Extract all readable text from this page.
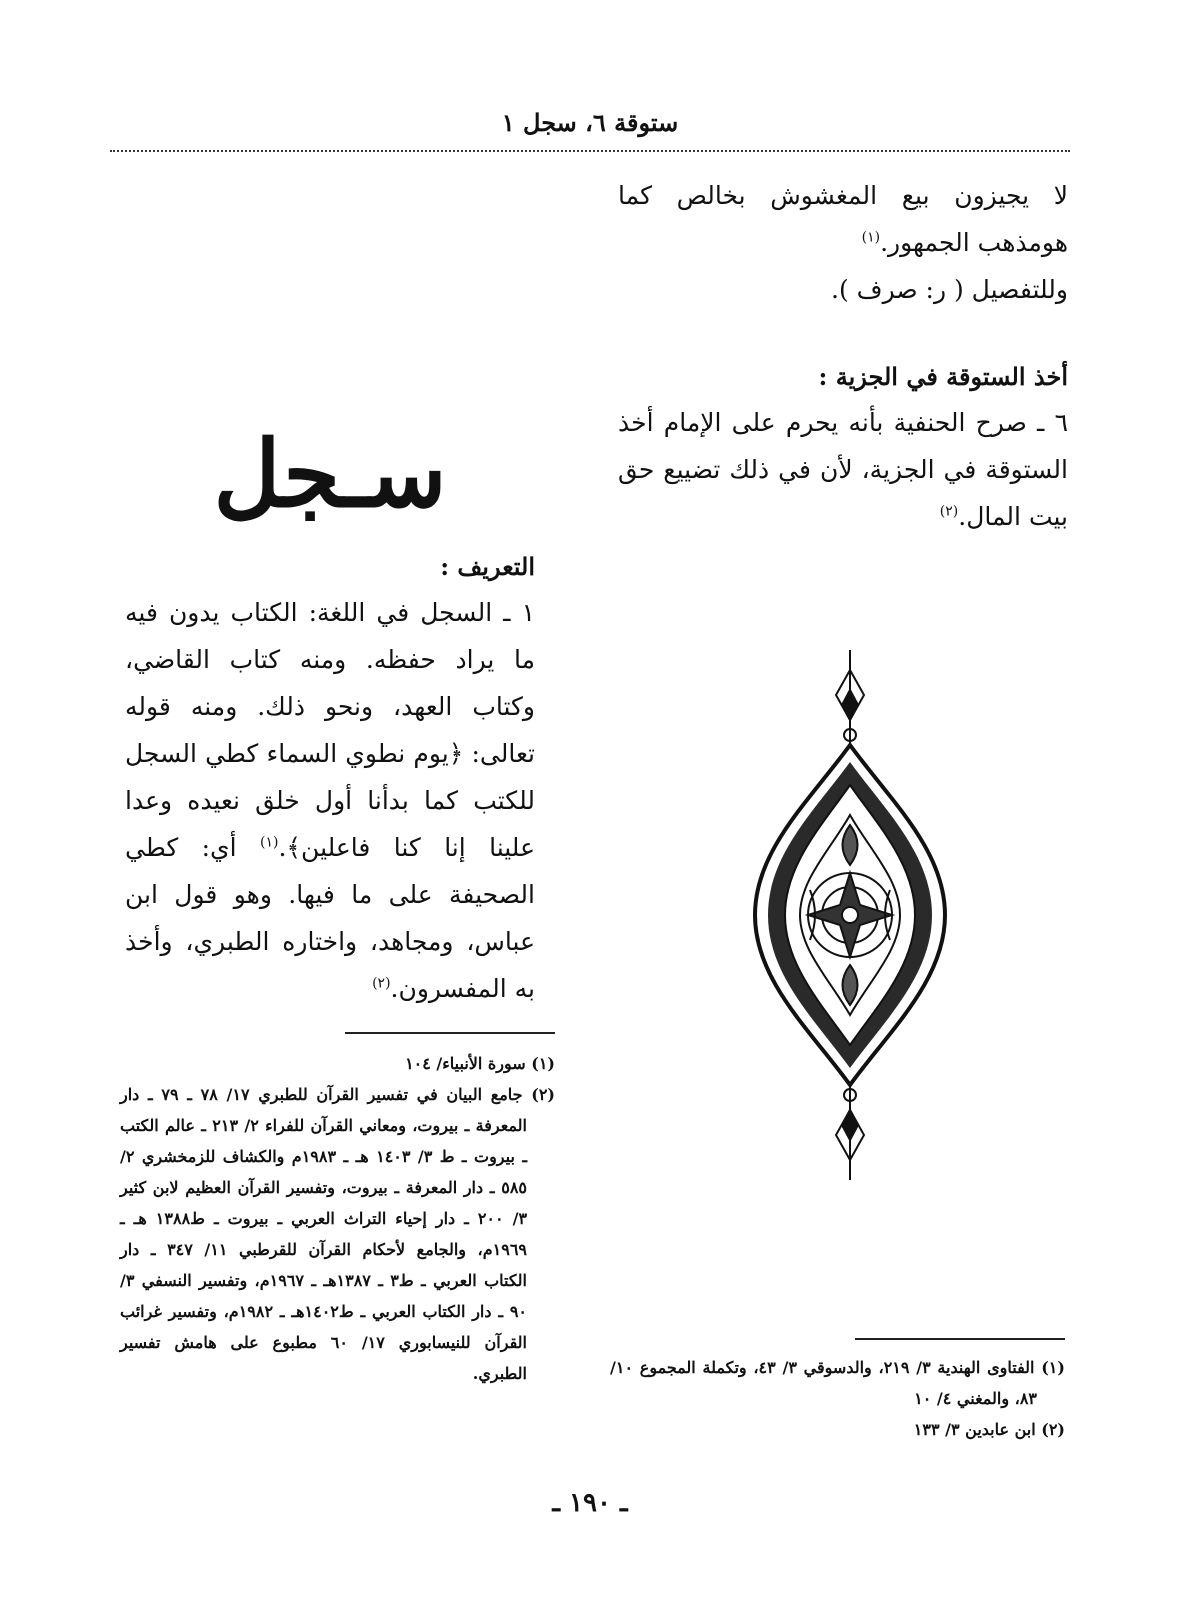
ستوقة ٦، سجل ١

لا يجيزون بيع المغشوش بخالص كما هومذهب الجمهور.$^{(١)}$

وللتفصيل ( ر: صرف ).

أخذ الستوقة في الجزية :

٦ ـ صرح الحنفية بأنه يحرم على الإمام أخذ الستوقة في الجزية، لأن في ذلك تضييع حق بيت المال.$^{(٢)}$

سـجل

التعريف :

١ ـ السجل في اللغة: الكتاب يدون فيه ما يراد حفظه. ومنه كتاب القاضي، وكتاب العهد، ونحو ذلك. ومنه قوله تعالى: ﴿يوم نطوي السماء كطي السجل للكتب كما بدأنا أول خلق نعيده وعدا علينا إنا كنا فاعلين﴾.$^{(١)}$ أي: كطي الصحيفة على ما فيها. وهو قول ابن عباس، ومجاهد، واختاره الطبري، وأخذ به المفسرون.$^{(٢)}$

(١) سورة الأنبياء/ ١٠٤

(٢) جامع البيان في تفسير القرآن للطبري ١٧/ ٧٨ ـ ٧٩ ـ دار المعرفة ـ بيروت، ومعاني القرآن للفراء ٢/ ٢١٣ ـ عالم الكتب ـ بيروت ـ ط ٣/ ١٤٠٣ هـ ـ ١٩٨٣م والكشاف للزمخشري ٢/ ٥٨٥ ـ دار المعرفة ـ بيروت، وتفسير القرآن العظيم لابن كثير ٣/ ٢٠٠ ـ دار إحياء التراث العربي ـ بيروت ـ ط١٣٨٨ هـ ـ ١٩٦٩م، والجامع لأحكام القرآن للقرطبي ١١/ ٣٤٧ ـ دار الكتاب العربي ـ ط٣ ـ ١٣٨٧هـ ـ ١٩٦٧م، وتفسير النسفي ٣/ ٩٠ ـ دار الكتاب العربي ـ ط١٤٠٢هـ ـ ١٩٨٢م، وتفسير غرائب القرآن للنيسابوري ١٧/ ٦٠ مطبوع على هامش تفسير الطبري.	(١) الفتاوى الهندية ٣/ ٢١٩، والدسوقي ٣/ ٤٣، وتكملة المجموع ١٠/ ٨٣، والمغني ٤/ ١٠

(٢) ابن عابدين ٣/ ١٣٣

ـ ١٩٠ ـ
